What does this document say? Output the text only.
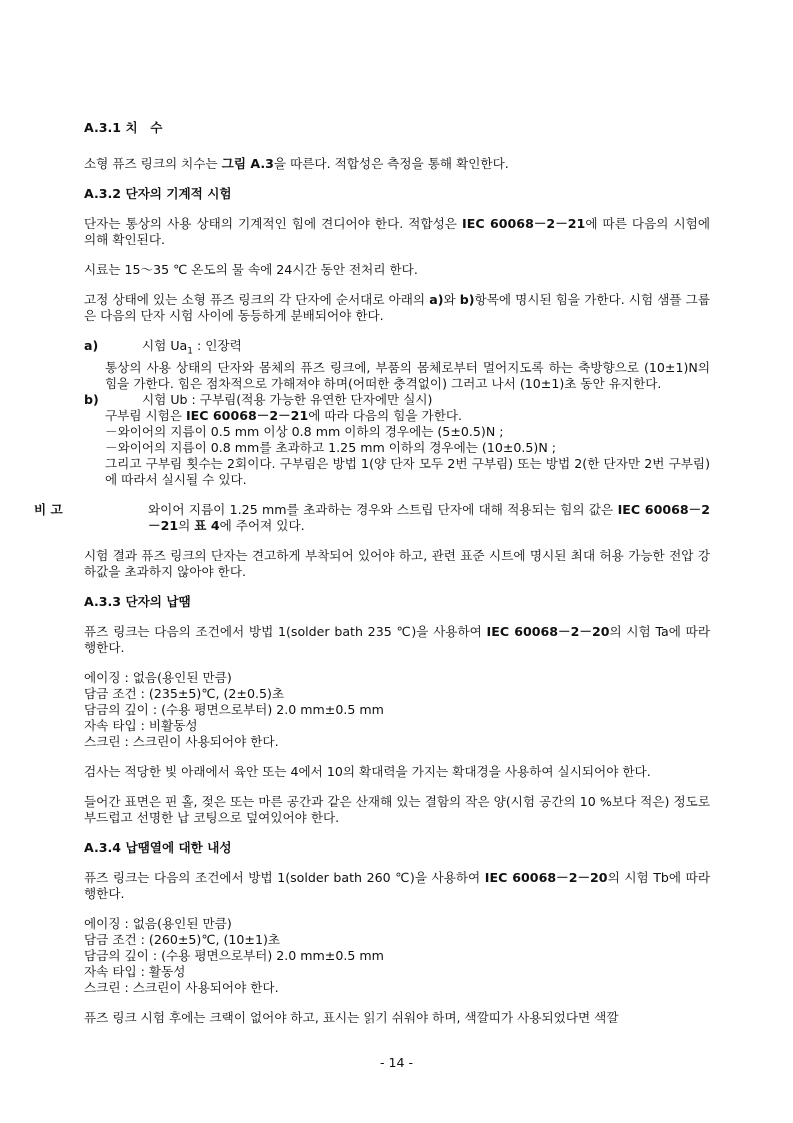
A.3.1 치　수

소형 퓨즈 링크의 치수는 그림 A.3을 따른다. 적합성은 측정을 통해 확인한다.

A.3.2 단자의 기계적 시험

단자는 통상의 사용 상태의 기계적인 힘에 견디어야 한다. 적합성은 IEC 60068－2－21에 따른 다음의 시험에 의해 확인된다.

시료는 15～35 ℃ 온도의 물 속에 24시간 동안 전처리 한다.

고정 상태에 있는 소형 퓨즈 링크의 각 단자에 순서대로 아래의 a)와 b)항목에 명시된 힘을 가한다. 시험 샘플 그룹은 다음의 단자 시험 사이에 동등하게 분배되어야 한다.

a)	시험 $Ua_1$ : 인장력

통상의 사용 상태의 단자와 몸체의 퓨즈 링크에, 부품의 몸체로부터 멀어지도록 하는 축방향으로 (10±1)N의 힘을 가한다. 힘은 점차적으로 가해져야 하며(어떠한 충격없이) 그러고 나서 (10±1)초 동안 유지한다.

b)	시험 Ub : 구부림(적용 가능한 유연한 단자에만 실시)

구부림 시험은 IEC 60068－2－21에 따라 다음의 힘을 가한다.

－와이어의 지름이 0.5 mm 이상 0.8 mm 이하의 경우에는 (5±0.5)N ;

－와이어의 지름이 0.8 mm를 초과하고 1.25 mm 이하의 경우에는 (10±0.5)N ;

그리고 구부림 횟수는 2회이다. 구부림은 방법 1(양 단자 모두 2번 구부림) 또는 방법 2(한 단자만 2번 구부림)에 따라서 실시될 수 있다.

비 고	와이어 지름이 1.25 mm를 초과하는 경우와 스트립 단자에 대해 적용되는 힘의 값은 IEC 60068－2－21의 표 4에 주어져 있다.

시험 결과 퓨즈 링크의 단자는 견고하게 부착되어 있어야 하고, 관련 표준 시트에 명시된 최대 허용 가능한 전압 강하값을 초과하지 않아야 한다.

A.3.3 단자의 납땜

퓨즈 링크는 다음의 조건에서 방법 1(solder bath 235 ℃)을 사용하여 IEC 60068－2－20의 시험 Ta에 따라 행한다.

에이징 : 없음(용인된 만큼)

담금 조건 : (235±5)℃, (2±0.5)초

담금의 깊이 : (수용 평면으로부터) 2.0 mm±0.5 mm

자속 타입 : 비활동성

스크린 : 스크린이 사용되어야 한다.

검사는 적당한 빛 아래에서 육안 또는 4에서 10의 확대력을 가지는 확대경을 사용하여 실시되어야 한다.

들어간 표면은 핀 홀, 젖은 또는 마른 공간과 같은 산재해 있는 결함의 작은 양(시험 공간의 10 %보다 적은) 정도로 부드럽고 선명한 납 코팅으로 덮여있어야 한다.

A.3.4 납땜열에 대한 내성

퓨즈 링크는 다음의 조건에서 방법 1(solder bath 260 ℃)을 사용하여 IEC 60068－2－20의 시험 Tb에 따라 행한다.

에이징 : 없음(용인된 만큼)

담금 조건 : (260±5)℃, (10±1)초

담금의 깊이 : (수용 평면으로부터) 2.0 mm±0.5 mm

자속 타입 : 활동성

스크린 : 스크린이 사용되어야 한다.

퓨즈 링크 시험 후에는 크랙이 없어야 하고, 표시는 읽기 쉬워야 하며, 색깔띠가 사용되었다면 색깔

- 14 -
